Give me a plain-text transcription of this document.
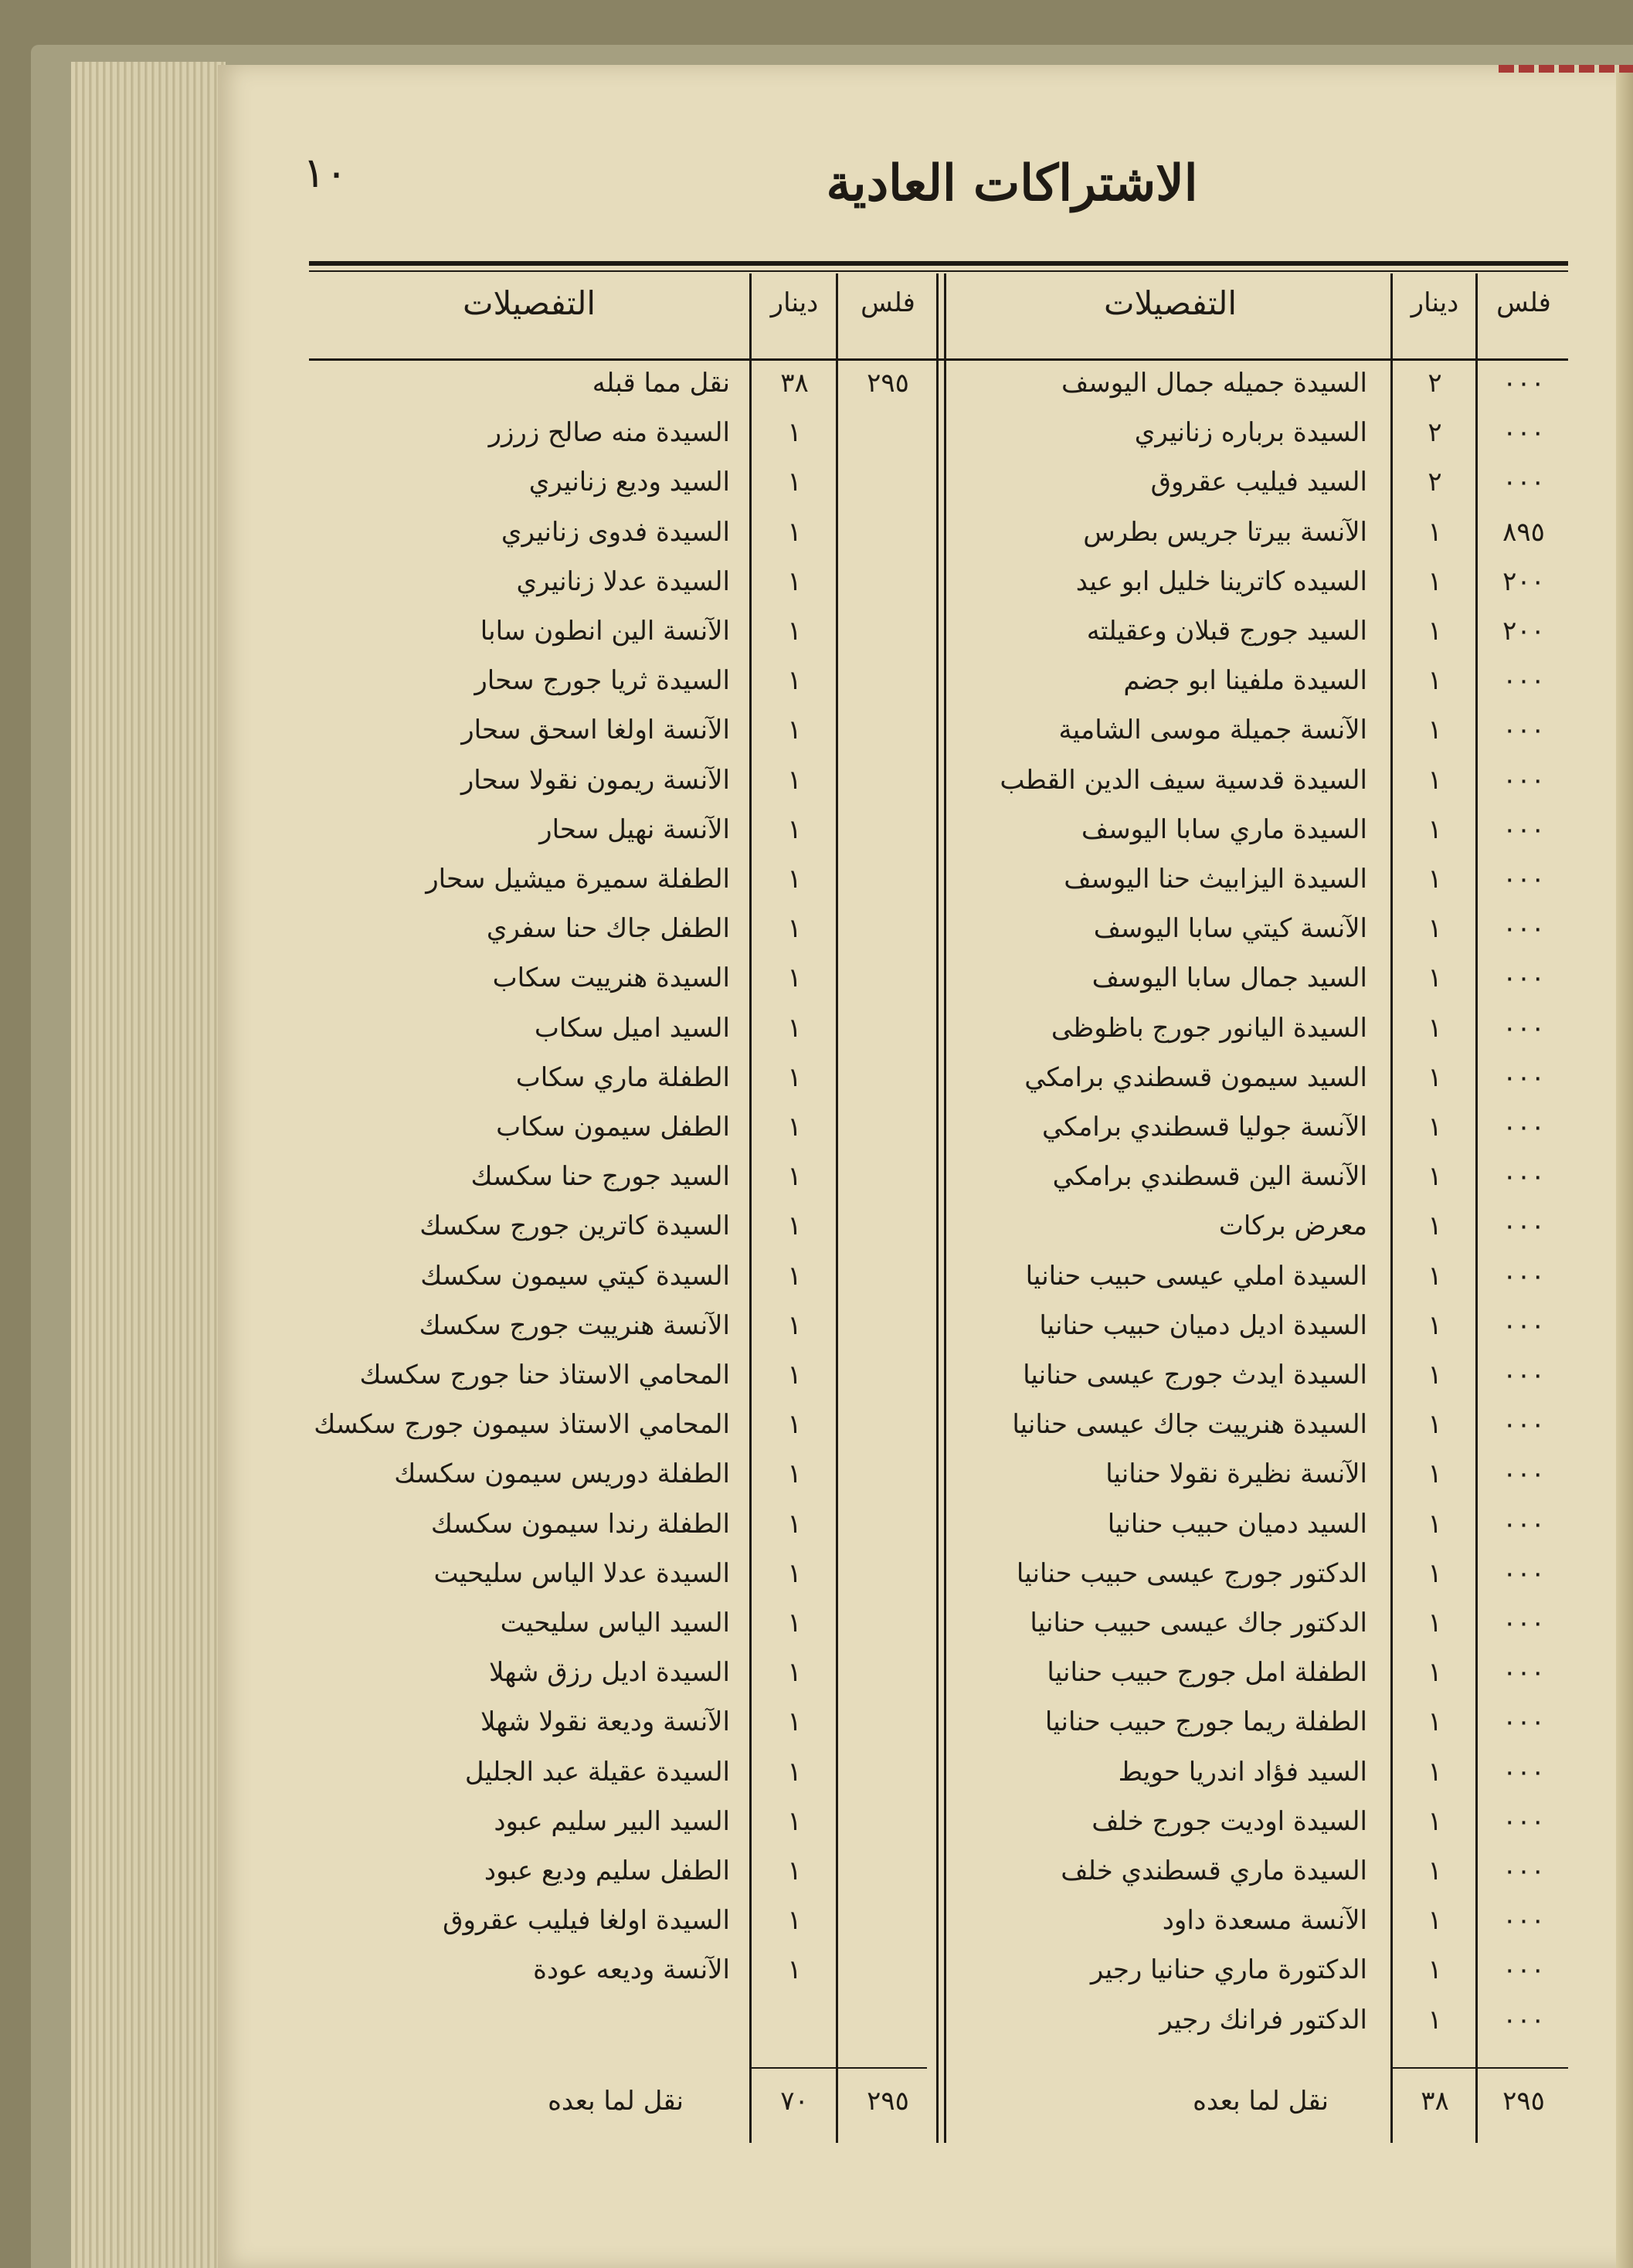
١٠	الاشتراكات العادية
فلس
دينار
التفصيلات
فلس
دينار
التفصيلات
٠٠٠
٢
السيدة جميله جمال اليوسف
٠٠٠
٢
السيدة برباره زنانيري
٠٠٠
٢
السيد فيليب عقروق
٨٩٥
١
الآنسة بيرتا جريس بطرس
٢٠٠
١
السيده كاترينا خليل ابو عيد
٢٠٠
١
السيد جورج قبلان وعقيلته
٠٠٠
١
السيدة ملفينا ابو جضم
٠٠٠
١
الآنسة جميلة موسى الشامية
٠٠٠
١
السيدة قدسية سيف الدين القطب
٠٠٠
١
السيدة ماري سابا اليوسف
٠٠٠
١
السيدة اليزابيث حنا اليوسف
٠٠٠
١
الآنسة كيتي سابا اليوسف
٠٠٠
١
السيد جمال سابا اليوسف
٠٠٠
١
السيدة اليانور جورج باظوظى
٠٠٠
١
السيد سيمون قسطندي برامكي
٠٠٠
١
الآنسة جوليا قسطندي برامكي
٠٠٠
١
الآنسة الين قسطندي برامكي
٠٠٠
١
معرض بركات
٠٠٠
١
السيدة املي عيسى حبيب حنانيا
٠٠٠
١
السيدة اديل دميان حبيب حنانيا
٠٠٠
١
السيدة ايدث جورج عيسى حنانيا
٠٠٠
١
السيدة هنرييت جاك عيسى حنانيا
٠٠٠
١
الآنسة نظيرة نقولا حنانيا
٠٠٠
١
السيد دميان حبيب حنانيا
٠٠٠
١
الدكتور جورج عيسى حبيب حنانيا
٠٠٠
١
الدكتور جاك عيسى حبيب حنانيا
٠٠٠
١
الطفلة امل جورج حبيب حنانيا
٠٠٠
١
الطفلة ريما جورج حبيب حنانيا
٠٠٠
١
السيد فؤاد اندريا حويط
٠٠٠
١
السيدة اوديت جورج خلف
٠٠٠
١
السيدة ماري قسطندي خلف
٠٠٠
١
الآنسة مسعدة داود
٠٠٠
١
الدكتورة ماري حنانيا رجير
٠٠٠
١
الدكتور فرانك رجير
٢٩٥
٣٨
نقل مما قبله
١
السيدة منه صالح زرزر
١
السيد وديع زنانيري
١
السيدة فدوى زنانيري
١
السيدة عدلا زنانيري
١
الآنسة الين انطون سابا
١
السيدة ثريا جورج سحار
١
الآنسة اولغا اسحق سحار
١
الآنسة ريمون نقولا سحار
١
الآنسة نهيل سحار
١
الطفلة سميرة ميشيل سحار
١
الطفل جاك حنا سفري
١
السيدة هنرييت سكاب
١
السيد اميل سكاب
١
الطفلة ماري سكاب
١
الطفل سيمون سكاب
١
السيد جورج حنا سكسك
١
السيدة كاترين جورج سكسك
١
السيدة كيتي سيمون سكسك
١
الآنسة هنرييت جورج سكسك
١
المحامي الاستاذ حنا جورج سكسك
١
المحامي الاستاذ سيمون جورج سكسك
١
الطفلة دوريس سيمون سكسك
١
الطفلة رندا سيمون سكسك
١
السيدة عدلا الياس سليحيت
١
السيد الياس سليحيت
١
السيدة اديل رزق شهلا
١
الآنسة وديعة نقولا شهلا
١
السيدة عقيلة عبد الجليل
١
السيد البير سليم عبود
١
الطفل سليم وديع عبود
١
السيدة اولغا فيليب عقروق
١
الآنسة وديعه عودة
٢٩٥
٣٨
نقل لما بعده
٢٩٥
٧٠
نقل لما بعده
